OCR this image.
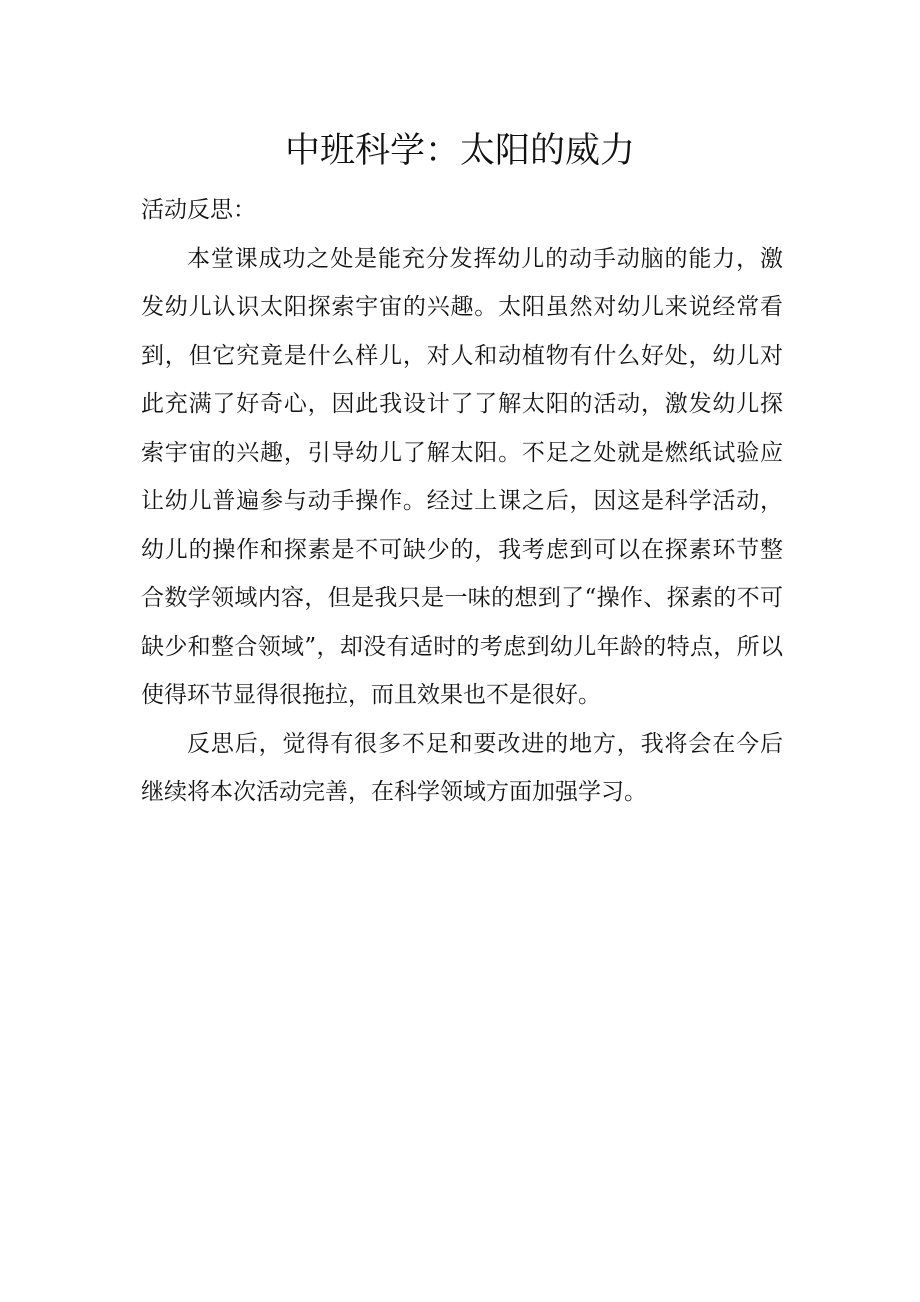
中班科学：太阳的威力

活动反思：

本堂课成功之处是能充分发挥幼儿的动手动脑的能力，激发幼儿认识太阳探索宇宙的兴趣。太阳虽然对幼儿来说经常看到，但它究竟是什么样儿，对人和动植物有什么好处，幼儿对此充满了好奇心，因此我设计了了解太阳的活动，激发幼儿探索宇宙的兴趣，引导幼儿了解太阳。不足之处就是燃纸试验应让幼儿普遍参与动手操作。经过上课之后，因这是科学活动，幼儿的操作和探素是不可缺少的，我考虑到可以在探素环节整合数学领域内容，但是我只是一味的想到了“操作、探素的不可缺少和整合领域”，却没有适时的考虑到幼儿年龄的特点，所以使得环节显得很拖拉，而且效果也不是很好。

反思后，觉得有很多不足和要改进的地方，我将会在今后继续将本次活动完善，在科学领域方面加强学习。
